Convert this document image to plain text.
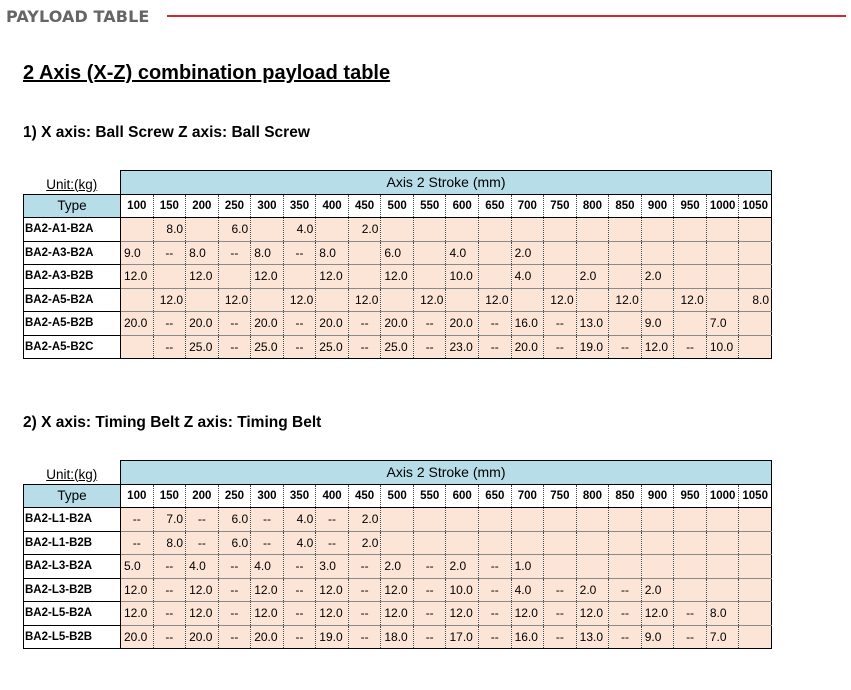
PAYLOAD TABLE
2 Axis (X-Z) combination payload table
1) X axis: Ball Screw Z axis: Ball Screw
Unit:(kg)	Axis 2 Stroke (mm)																			
Type	100	150	200	250	300	350	400	450	500	550	600	650	700	750	800	850	900	950	1000	1050
BA2-A1-B2A		8.0		6.0		4.0		2.0												
BA2-A3-B2A	9.0	--	8.0	--	8.0	--	8.0		6.0		4.0		2.0							
BA2-A3-B2B	12.0		12.0		12.0		12.0		12.0		10.0		4.0		2.0		2.0			
BA2-A5-B2A		12.0		12.0		12.0		12.0		12.0		12.0		12.0		12.0		12.0		8.0
BA2-A5-B2B	20.0	--	20.0	--	20.0	--	20.0	--	20.0	--	20.0	--	16.0	--	13.0		9.0		7.0	
BA2-A5-B2C		--	25.0	--	25.0	--	25.0	--	25.0	--	23.0	--	20.0	--	19.0	--	12.0	--	10.0	
2) X axis: Timing Belt Z axis: Timing Belt
Unit:(kg)	Axis 2 Stroke (mm)																			
Type	100	150	200	250	300	350	400	450	500	550	600	650	700	750	800	850	900	950	1000	1050
BA2-L1-B2A	--	7.0	--	6.0	--	4.0	--	2.0												
BA2-L1-B2B	--	8.0	--	6.0	--	4.0	--	2.0												
BA2-L3-B2A	5.0	--	4.0	--	4.0	--	3.0	--	2.0	--	2.0	--	1.0							
BA2-L3-B2B	12.0	--	12.0	--	12.0	--	12.0	--	12.0	--	10.0	--	4.0	--	2.0	--	2.0			
BA2-L5-B2A	12.0	--	12.0	--	12.0	--	12.0	--	12.0	--	12.0	--	12.0	--	12.0	--	12.0	--	8.0	
BA2-L5-B2B	20.0	--	20.0	--	20.0	--	19.0	--	18.0	--	17.0	--	16.0	--	13.0	--	9.0	--	7.0	
